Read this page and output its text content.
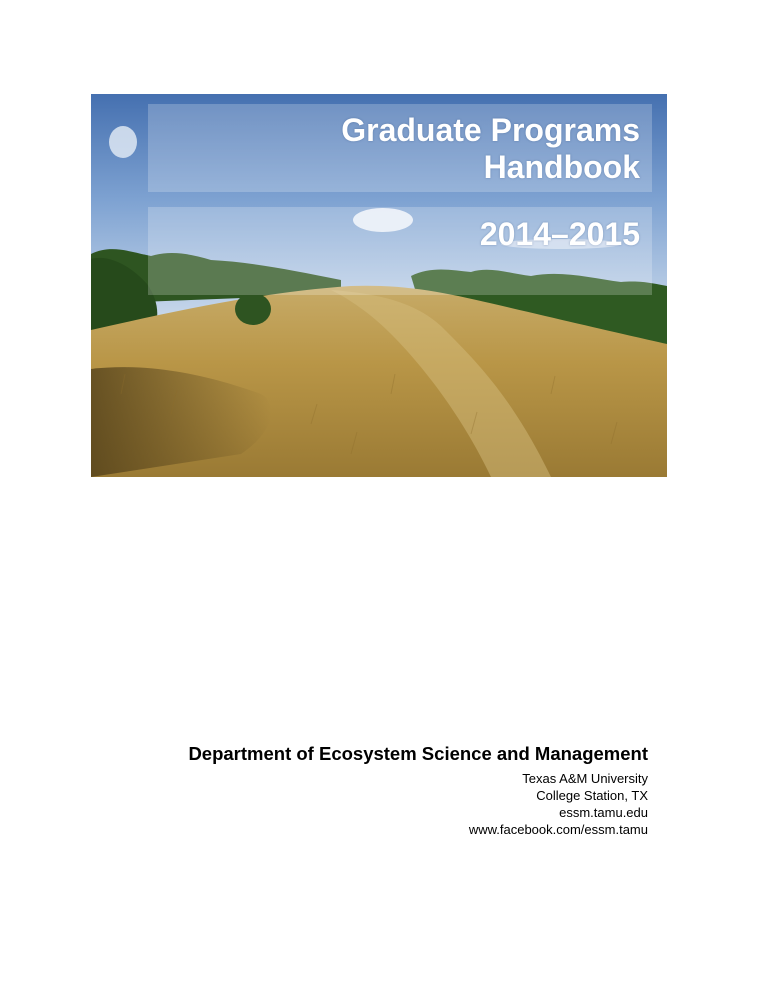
Graduate Programs
Handbook
2014–2015

Department of Ecosystem Science and Management

Texas A&M University

College Station, TX

essm.tamu.edu

www.facebook.com/essm.tamu
